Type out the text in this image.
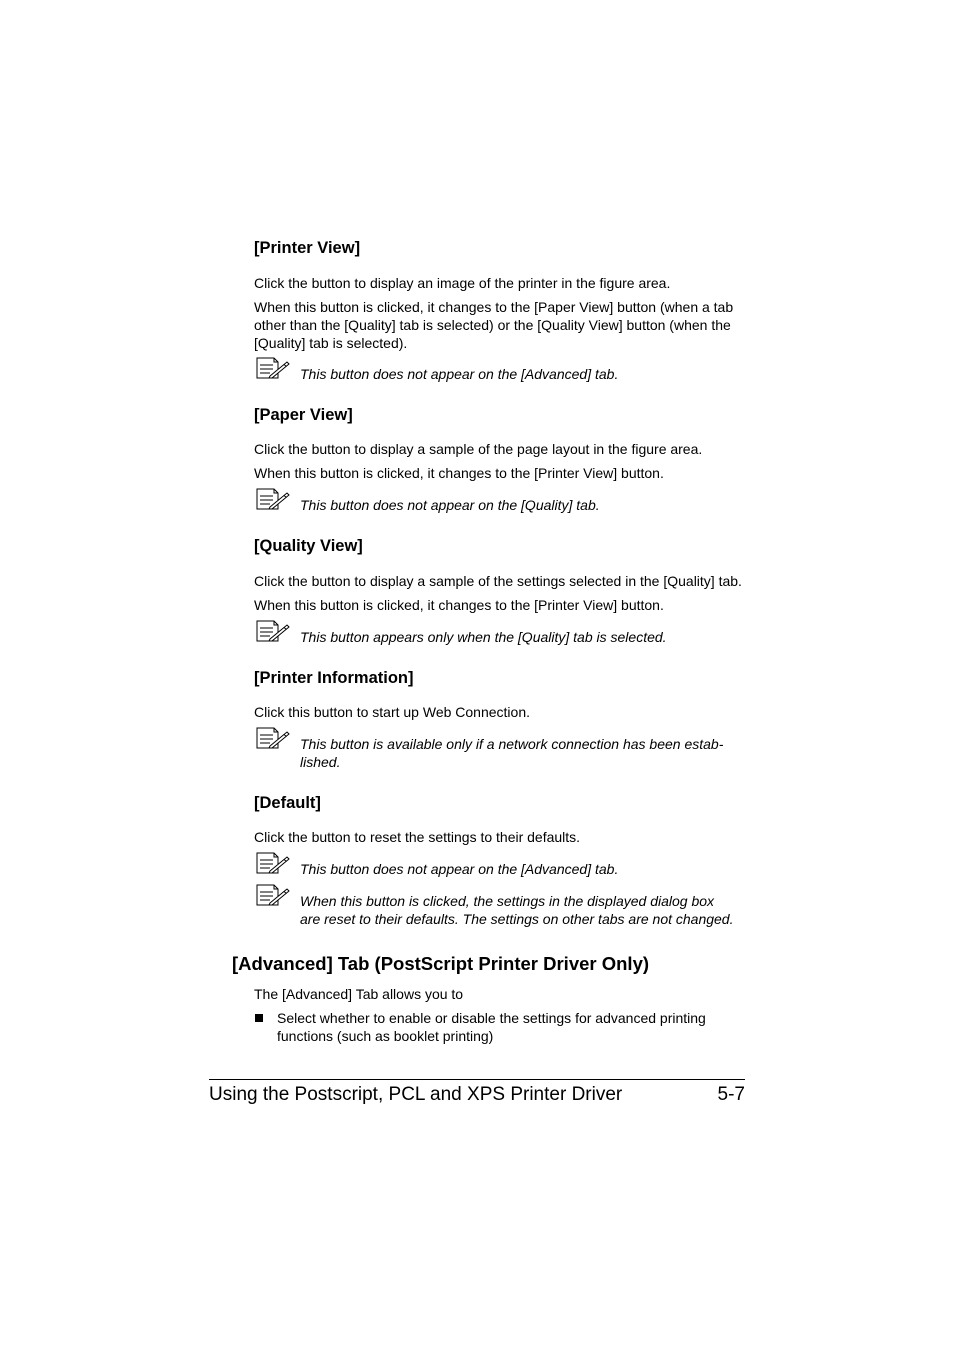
[Printer View]
Click the button to display an image of the printer in the figure area.
When this button is clicked, it changes to the [Paper View] button (when a tab
other than the [Quality] tab is selected) or the [Quality View] button (when the
[Quality] tab is selected).
This button does not appear on the [Advanced] tab.
[Paper View]
Click the button to display a sample of the page layout in the figure area.
When this button is clicked, it changes to the [Printer View] button.
This button does not appear on the [Quality] tab.
[Quality View]
Click the button to display a sample of the settings selected in the [Quality] tab.
When this button is clicked, it changes to the [Printer View] button.
This button appears only when the [Quality] tab is selected.
[Printer Information]
Click this button to start up Web Connection.
This button is available only if a network connection has been estab-
lished.
[Default]
Click the button to reset the settings to their defaults.
This button does not appear on the [Advanced] tab.
When this button is clicked, the settings in the displayed dialog box
are reset to their defaults. The settings on other tabs are not changed.
[Advanced] Tab (PostScript Printer Driver Only)
The [Advanced] Tab allows you to
Select whether to enable or disable the settings for advanced printing
functions (such as booklet printing)
Using the Postscript, PCL and XPS Printer Driver	5-7
